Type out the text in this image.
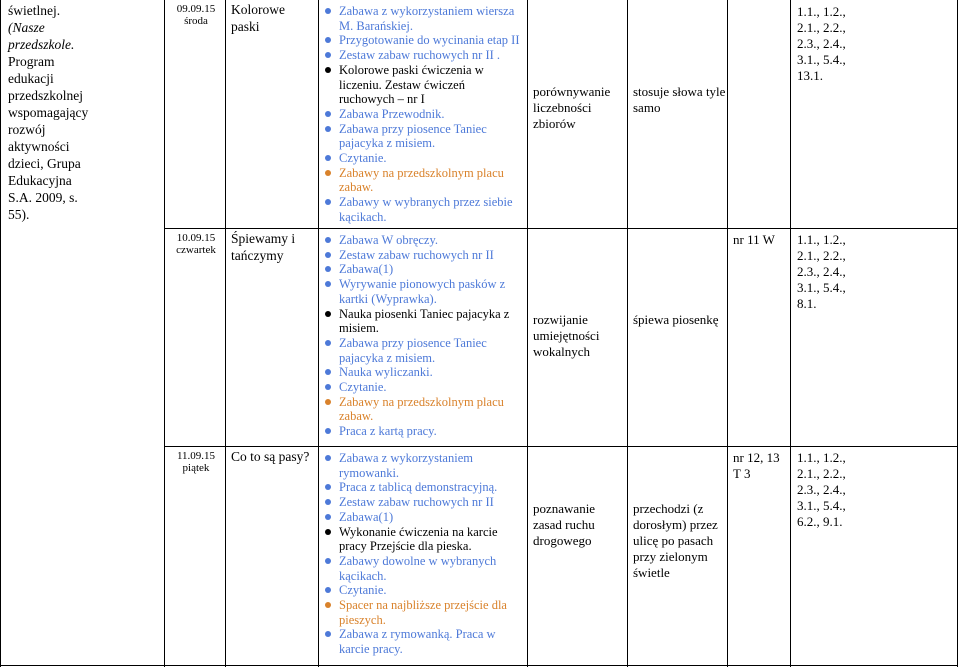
świetlnej.
(Nasze
przedszkole.
Program
edukacji
przedszkolnej
wspomagający
rozwój
aktywności
dzieci, Grupa
Edukacyjna
S.A. 2009, s.
55).
09.09.15
środa
Kolorowe paski
Zabawa z wykorzystaniem wiersza M. Barańskiej.
Przygotowanie do wycinania etap II
Zestaw zabaw ruchowych nr II .
Kolorowe paski ćwiczenia w liczeniu. Zestaw ćwiczeń ruchowych – nr I
Zabawa Przewodnik.
Zabawa przy piosence Taniec pajacyka z misiem.
Czytanie.
Zabawy na przedszkolnym placu zabaw.
Zabawy w wybranych przez siebie kącikach.
porównywanie liczebności zbiorów
stosuje słowa tyle samo
1.1., 1.2., 2.1., 2.2., 2.3., 2.4., 3.1., 5.4., 13.1.
10.09.15
czwartek
Śpiewamy i tańczymy
Zabawa W obręczy.
Zestaw zabaw ruchowych nr II
Zabawa(1)
Wyrywanie pionowych pasków z kartki (Wyprawka).
Nauka piosenki Taniec pajacyka z misiem.
Zabawa przy piosence Taniec pajacyka z misiem.
Nauka wyliczanki.
Czytanie.
Zabawy na przedszkolnym placu zabaw.
Praca z kartą pracy.
rozwijanie umiejętności wokalnych
śpiewa piosenkę
nr 11 W	1.1., 1.2., 2.1., 2.2., 2.3., 2.4., 3.1., 5.4., 8.1.
11.09.15
piątek
Co to są pasy?	Zabawa z wykorzystaniem rymowanki.
Praca z tablicą demonstracyjną.
Zestaw zabaw ruchowych nr II
Zabawa(1)
Wykonanie ćwiczenia na karcie pracy Przejście dla pieska.
Zabawy dowolne w wybranych kącikach.
Czytanie.
Spacer na najbliższe przejście dla pieszych.
Zabawa z rymowanką. Praca w karcie pracy.
poznawanie zasad ruchu drogowego
przechodzi (z dorosłym) przez ulicę po pasach przy zielonym świetle
nr 12, 13 T 3
1.1., 1.2., 2.1., 2.2., 2.3., 2.4., 3.1., 5.4., 6.2., 9.1.
